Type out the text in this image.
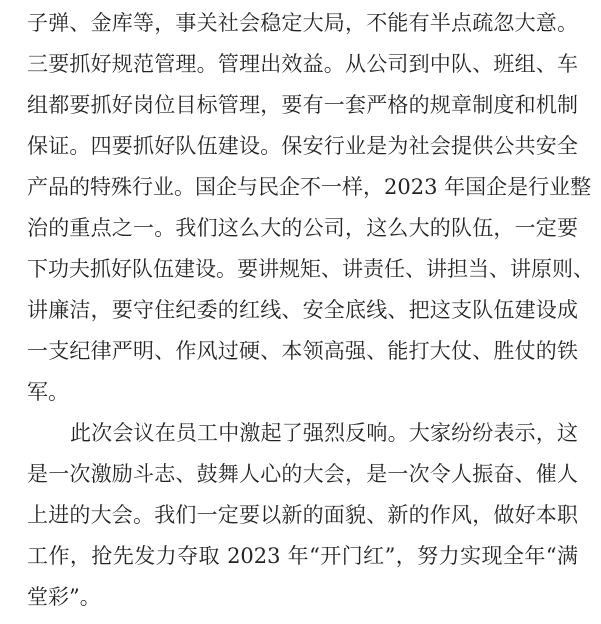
子弹、金库等，事关社会稳定大局，不能有半点疏忽大意。
三要抓好规范管理。管理出效益。从公司到中队、班组、车
组都要抓好岗位目标管理，要有一套严格的规章制度和机制
保证。四要抓好队伍建设。保安行业是为社会提供公共安全
产品的特殊行业。国企与民企不一样，2023 年国企是行业整
治的重点之一。我们这么大的公司，这么大的队伍，一定要
下功夫抓好队伍建设。要讲规矩、讲责任、讲担当、讲原则、
讲廉洁，要守住纪委的红线、安全底线、把这支队伍建设成
一支纪律严明、作风过硬、本领高强、能打大仗、胜仗的铁
军。
此次会议在员工中激起了强烈反响。大家纷纷表示，这
是一次激励斗志、鼓舞人心的大会，是一次令人振奋、催人
上进的大会。我们一定要以新的面貌、新的作风，做好本职
工作，抢先发力夺取 2023 年“开门红”，努力实现全年“满
堂彩”。
